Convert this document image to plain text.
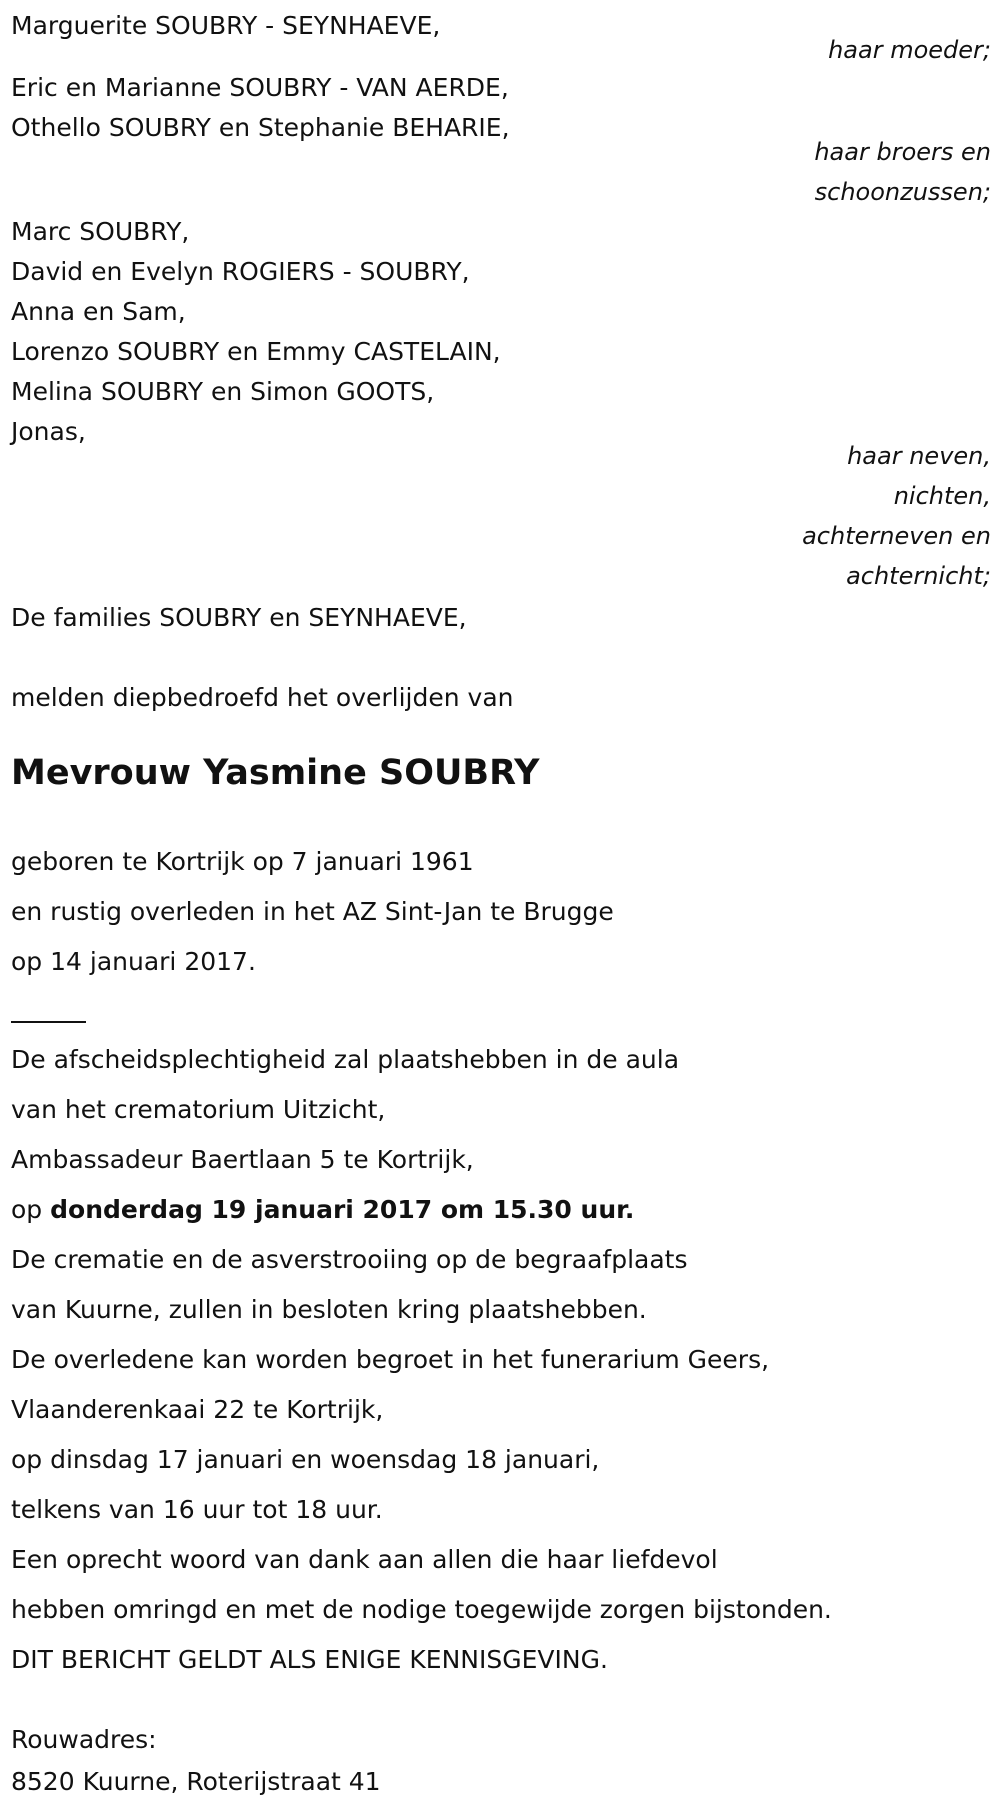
Marguerite SOUBRY - SEYNHAEVE,
haar moeder;
Eric en Marianne SOUBRY - VAN AERDE,
Othello SOUBRY en Stephanie BEHARIE,
haar broers en
schoonzussen;
Marc SOUBRY,
David en Evelyn ROGIERS - SOUBRY,
Anna en Sam,
Lorenzo SOUBRY en Emmy CASTELAIN,
Melina SOUBRY en Simon GOOTS,
Jonas,
haar neven,
nichten,
achterneven en
achternicht;
De families SOUBRY en SEYNHAEVE,
melden diepbedroefd het overlijden van
Mevrouw Yasmine SOUBRY
geboren te Kortrijk op 7 januari 1961
en rustig overleden in het AZ Sint-Jan te Brugge
op 14 januari 2017.
De afscheidsplechtigheid zal plaatshebben in de aula
van het crematorium Uitzicht,
Ambassadeur Baertlaan 5 te Kortrijk,
op donderdag 19 januari 2017 om 15.30 uur.
De crematie en de asverstrooiing op de begraafplaats
van Kuurne, zullen in besloten kring plaatshebben.
De overledene kan worden begroet in het funerarium Geers,
Vlaanderenkaai 22 te Kortrijk,
op dinsdag 17 januari en woensdag 18 januari,
telkens van 16 uur tot 18 uur.
Een oprecht woord van dank aan allen die haar liefdevol
hebben omringd en met de nodige toegewijde zorgen bijstonden.
DIT BERICHT GELDT ALS ENIGE KENNISGEVING.
Rouwadres:
8520 Kuurne, Roterijstraat 41
